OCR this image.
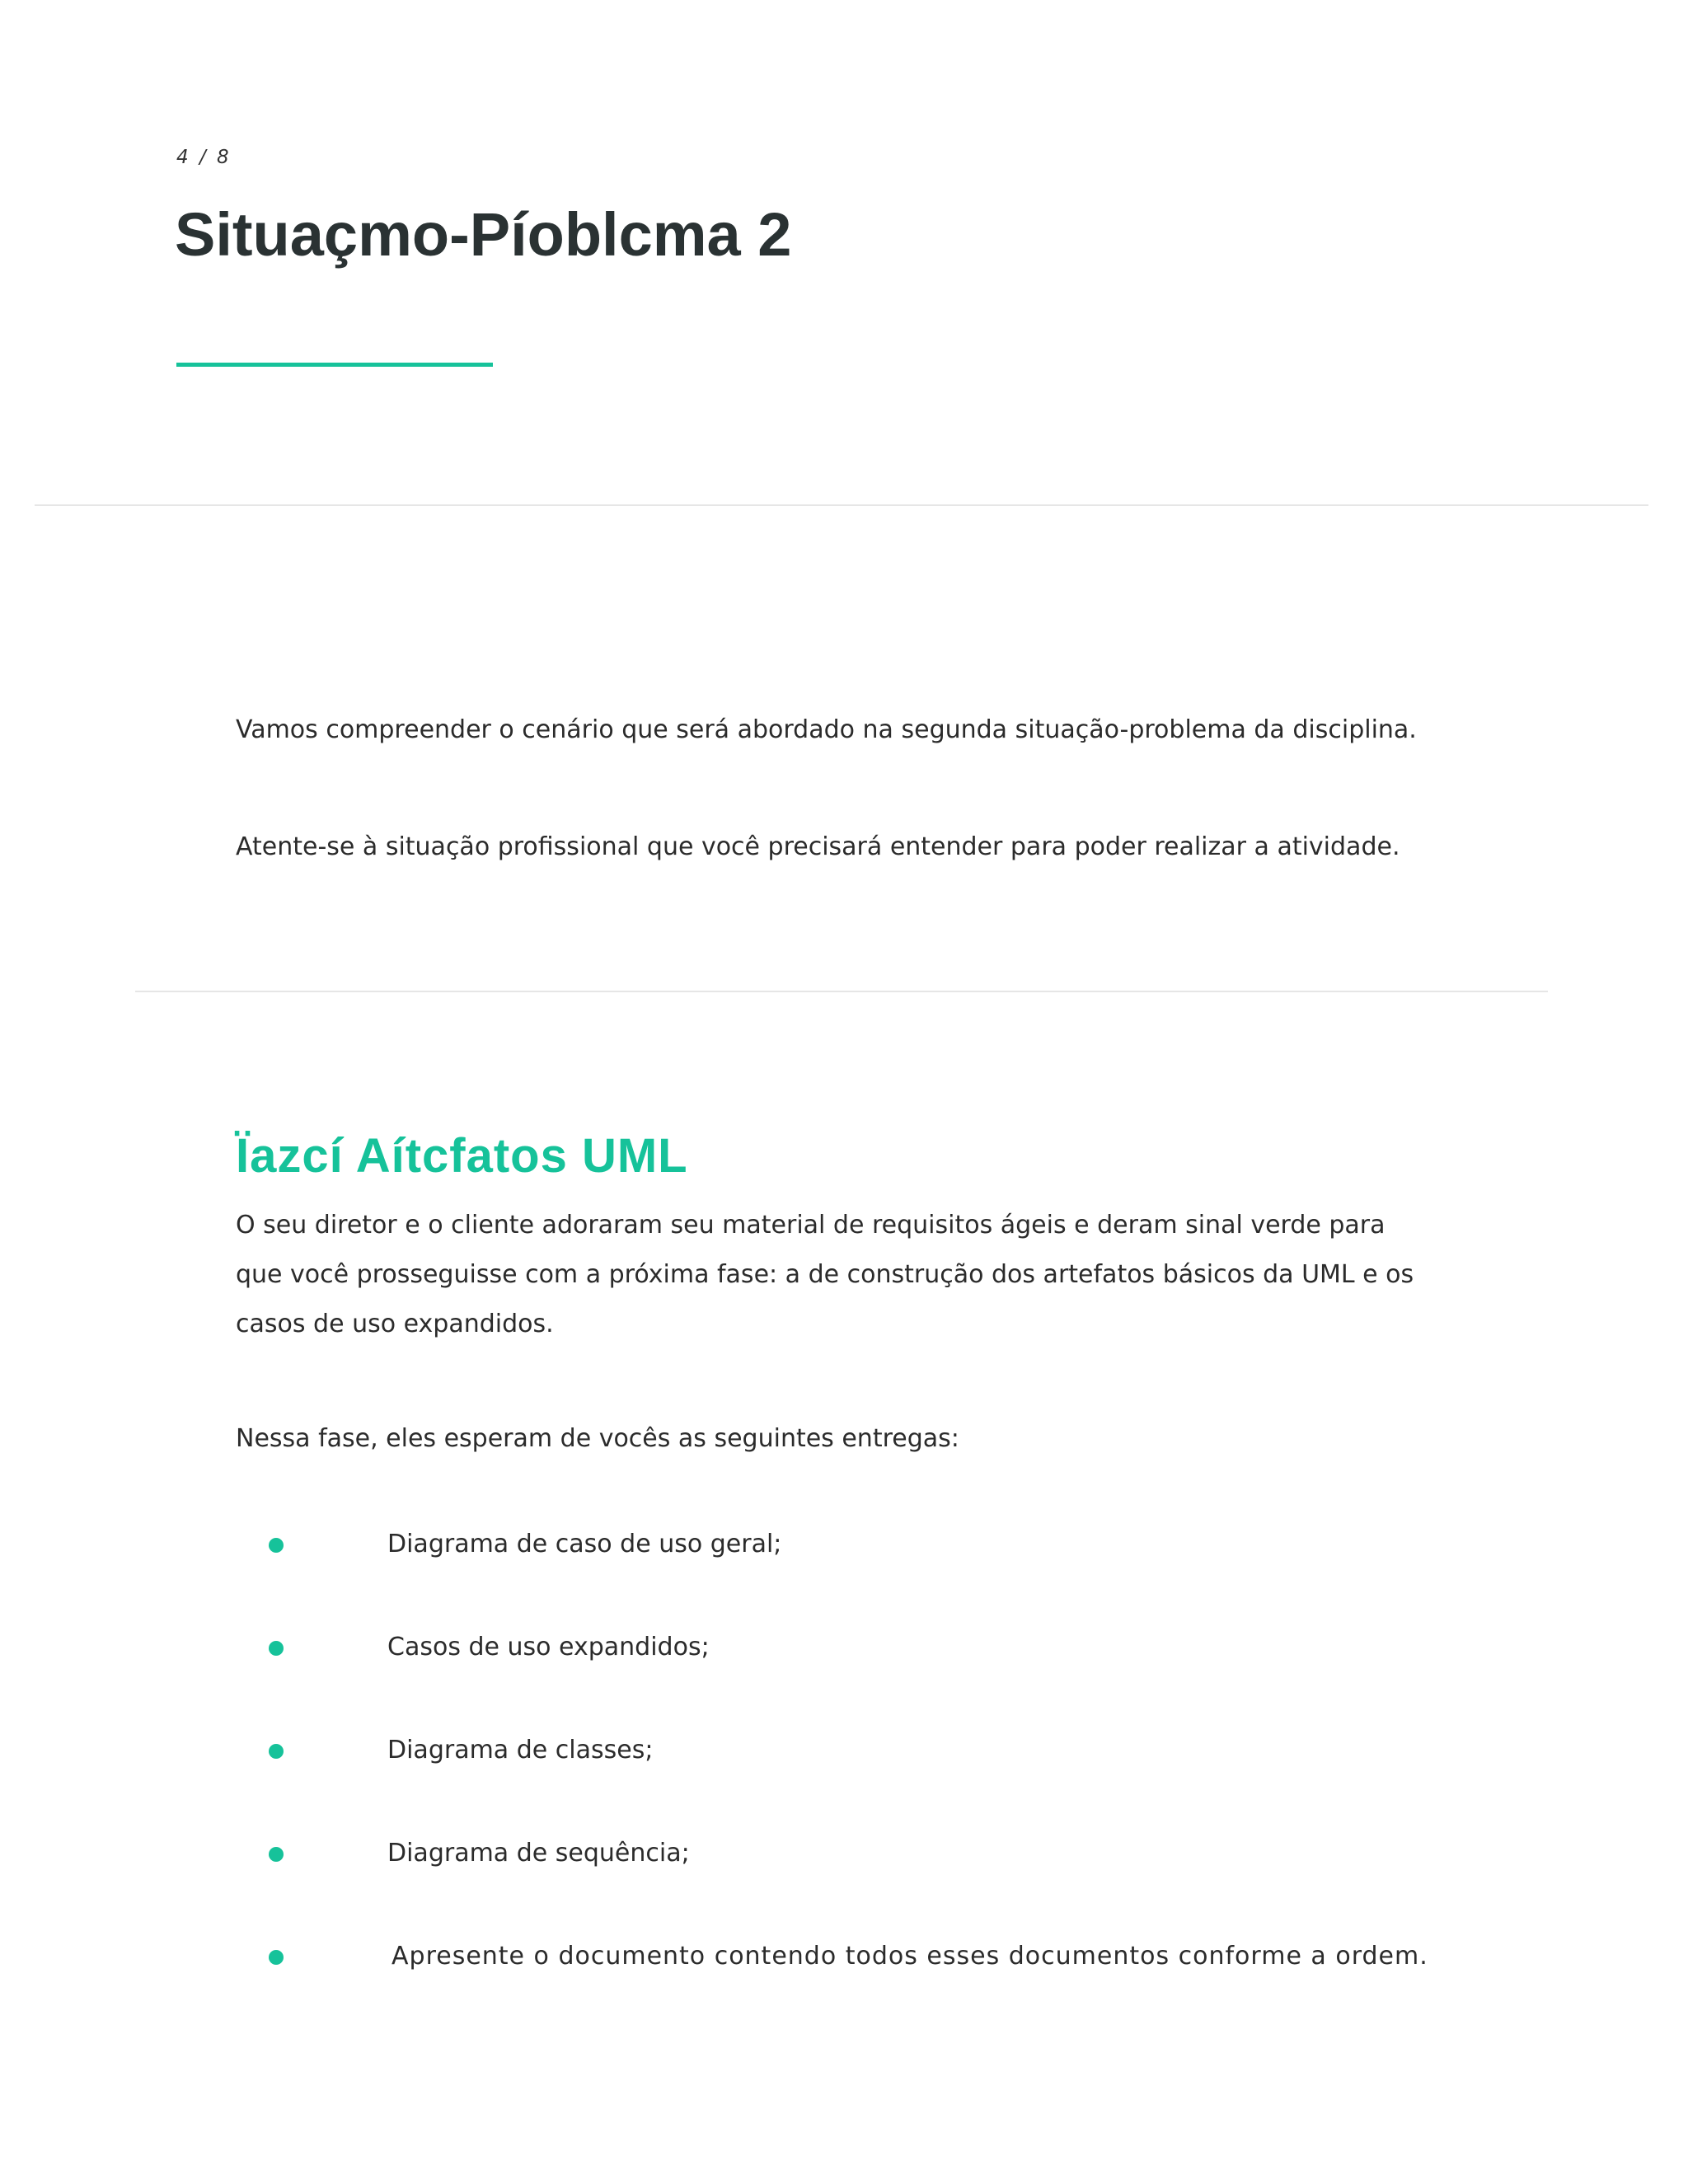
4 / 8
Situaçmo-Píoblcma 2

Vamos compreender o cenário que será abordado na segunda situação-problema da disciplina.

Atente-se à situação profissional que você precisará entender para poder realizar a atividade.

Ïazcí Aítcfatos UML

O seu diretor e o cliente adoraram seu material de requisitos ágeis e deram sinal verde para que você prosseguisse com a próxima fase: a de construção dos artefatos básicos da UML e os casos de uso expandidos.

Nessa fase, eles esperam de vocês as seguintes entregas:

Diagrama de caso de uso geral;
Casos de uso expandidos;
Diagrama de classes;
Diagrama de sequência;
Apresente o documento contendo todos esses documentos conforme a ordem.
